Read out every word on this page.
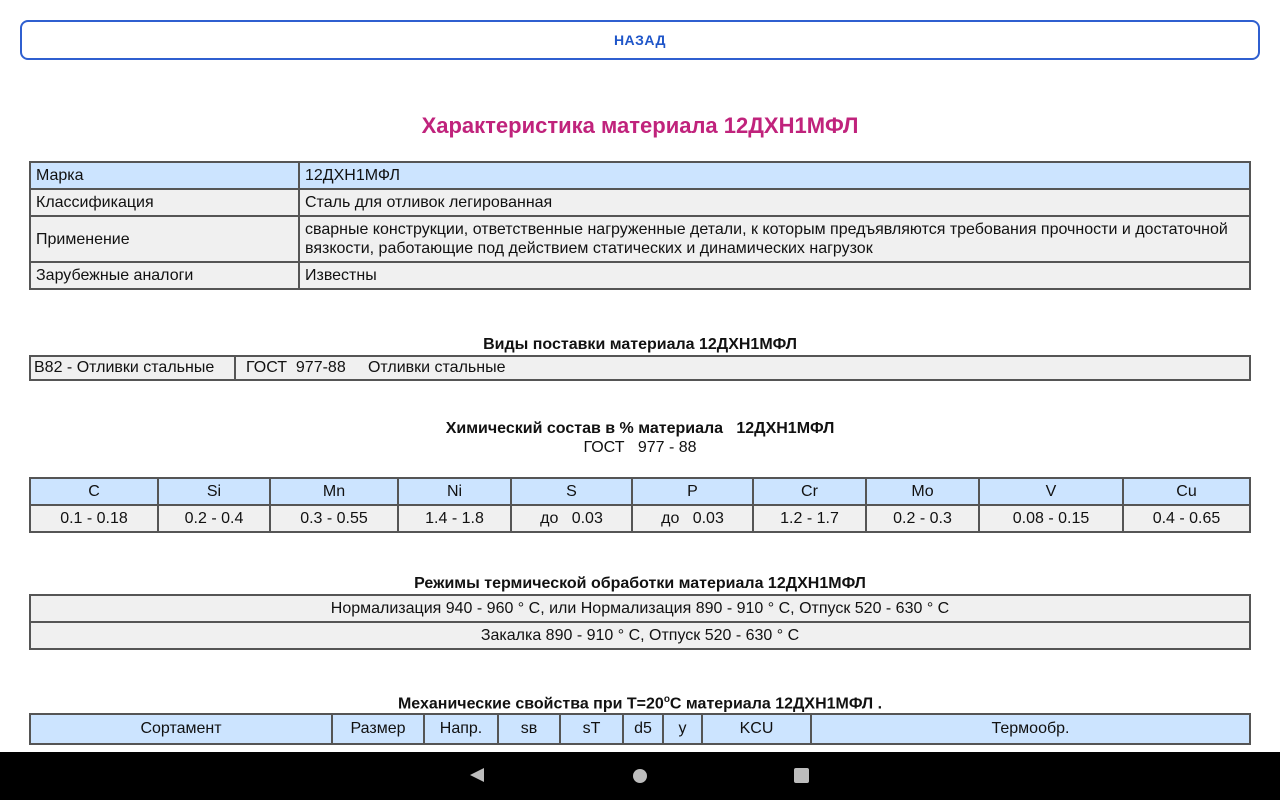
НАЗАД
Характеристика материала 12ДХН1МФЛ
Марка	12ДХН1МФЛ
Классификация	Сталь для отливок легированная
Применение	сварные конструкции, ответственные нагруженные детали, к которым предъявляются требования прочности и достаточной вязкости, работающие под действием статических и динамических нагрузок
Зарубежные аналоги	Известны
Виды поставки материала 12ДХН1МФЛ
В82 - Отливки стальные	ГОСТ  977-88     Отливки стальные
Химический состав в % материала   12ДХН1МФЛ
ГОСТ   977 - 88
C	Si	Mn	Ni	S	P	Cr	Mo	V	Cu
0.1 - 0.18	0.2 - 0.4	0.3 - 0.55	1.4 - 1.8	до   0.03	до   0.03	1.2 - 1.7	0.2 - 0.3	0.08 - 0.15	0.4 - 0.65
Режимы термической обработки материала 12ДХН1МФЛ
Нормализация 940 - 960 ° C, или Нормализация 890 - 910 ° C, Отпуск 520 - 630 ° C
Закалка 890 - 910 ° C, Отпуск 520 - 630 ° C
Механические свойства при $Т=20^oС$ материала 12ДХН1МФЛ .
Сортамент	Размер	Напр.	sв	sT	d5	y	KCU	Термообр.
